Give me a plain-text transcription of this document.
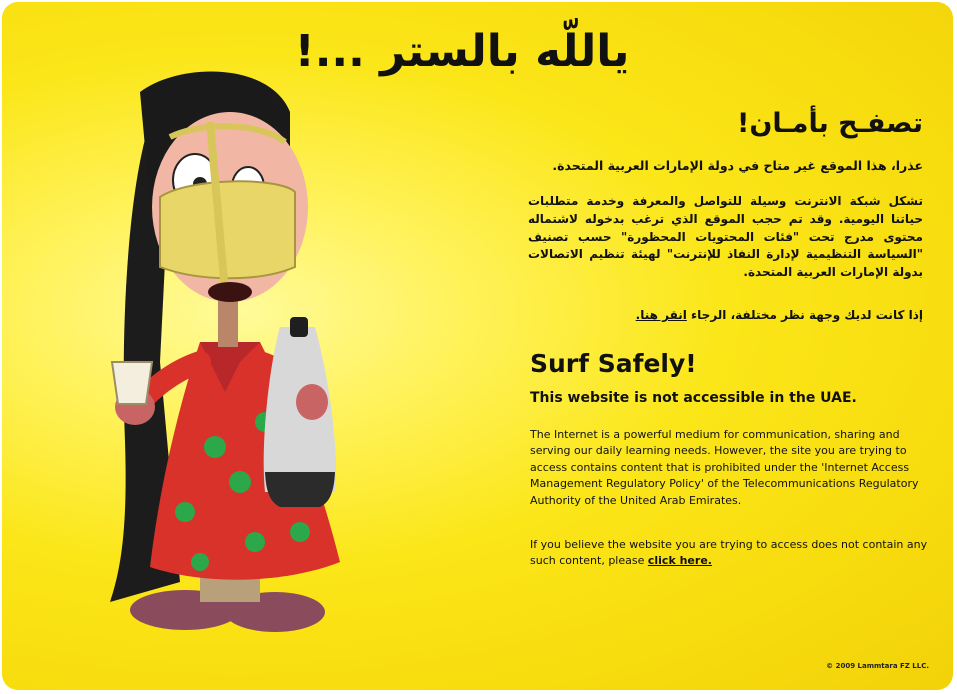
ياللّه بالستر ...!
تصفـح بأمـان!
عذرا، هذا الموقع غير متاح في دولة الإمارات العربية المتحدة.
تشكل شبكة الانترنت وسيلة للتواصل والمعرفة وخدمة متطلبات حياتنا اليومية. وقد تم حجب الموقع الذي ترغب بدخوله لاشتماله محتوى مدرج تحت "فئات المحتويات المحظورة" حسب تصنيف "السياسة التنظيمية لإدارة النفاذ للإنترنت" لهيئة تنظيم الاتصالات بدولة الإمارات العربية المتحدة.
إذا كانت لديك وجهة نظر مختلفة، الرجاء انقر هنا.
Surf Safely!
This website is not accessible in the UAE.
The Internet is a powerful medium for communication, sharing and serving our daily learning needs. However, the site you are trying to access contains content that is prohibited under the 'Internet Access Management Regulatory Policy' of the Telecommunications Regulatory Authority of the United Arab Emirates.
If you believe the website you are trying to access does not contain any such content, please click here.
© 2009 Lammtara FZ LLC.
